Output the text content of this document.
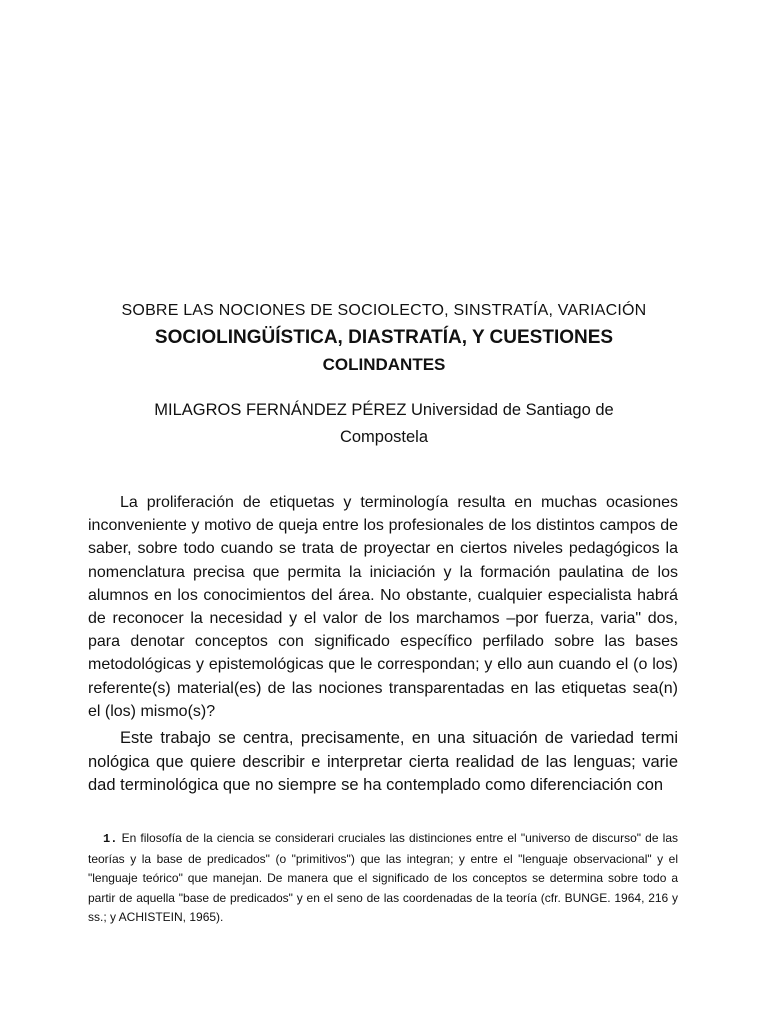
SOBRE LAS NOCIONES DE SOCIOLECTO, SINSTRATÍA, VARIACIÓN
SOCIOLINGÜÍSTICA, DIASTRATÍA, Y CUESTIONES
COLINDANTES
MILAGROS FERNÁNDEZ PÉREZ Universidad de Santiago de
Compostela

La proliferación de etiquetas y terminología resulta en muchas ocasiones inconveniente y motivo de queja entre los profesionales de los distintos campos de saber, sobre todo cuando se trata de proyectar en ciertos niveles pedagógicos la nomenclatura precisa que permita la iniciación y la formación paulatina de los alumnos en los conocimientos del área. No obstante, cualquier especialista habrá de reconocer la necesidad y el valor de los marchamos –por fuerza, varia" dos, para denotar conceptos con significado específico perfilado sobre las bases metodológicas y epistemológicas que le correspondan; y ello aun cuando el (o los) referente(s) material(es) de las nociones transparentadas en las etiquetas sea(n) el (los) mismo(s)?

Este trabajo se centra, precisamente, en una situación de variedad termi nológica que quiere describir e interpretar cierta realidad de las lenguas; varie dad terminológica que no siempre se ha contemplado como diferenciación con

1. En filosofía de la ciencia se considerari cruciales las distinciones entre el "universo de discurso" de las teorías y la base de predicados" (o "primitivos") que las integran; y entre el "lenguaje observacional" y el "lenguaje teórico" que manejan. De manera que el significado de los conceptos se determina sobre todo a partir de aquella "base de predicados" y en el seno de las coordenadas de la teoría (cfr. BUNGE. 1964, 216 y ss.; y ACHISTEIN, 1965).
